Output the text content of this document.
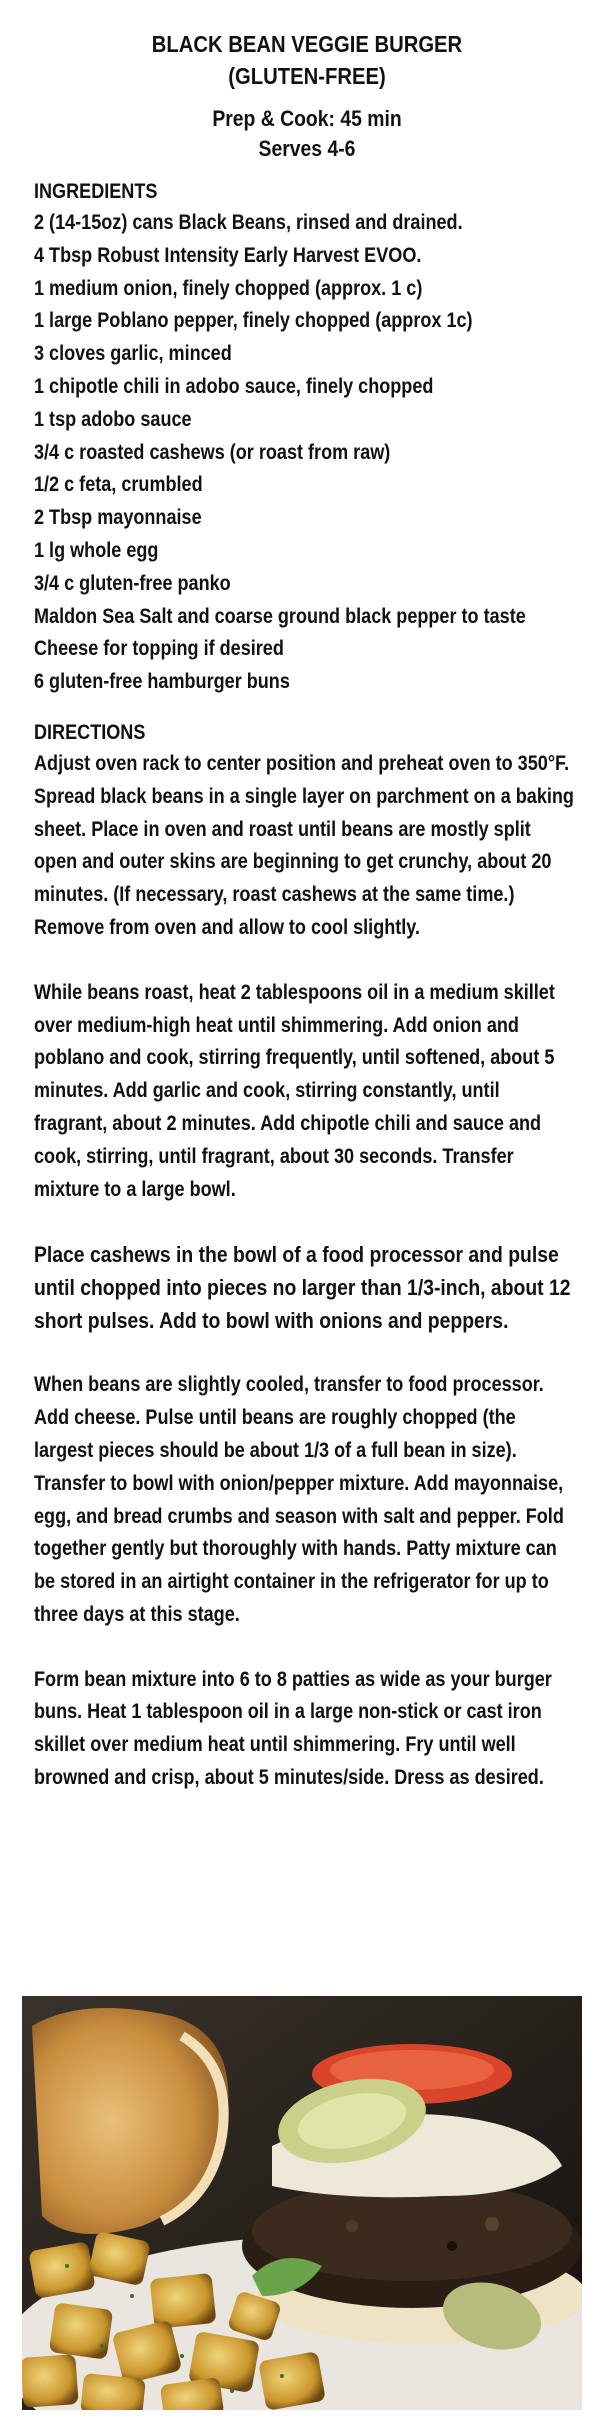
BLACK BEAN VEGGIE BURGER
(GLUTEN-FREE)
Prep & Cook: 45 min
Serves 4-6
INGREDIENTS
2 (14-15oz) cans Black Beans, rinsed and drained.
4 Tbsp Robust Intensity Early Harvest EVOO.
1 medium onion, finely chopped (approx. 1 c)
1 large Poblano pepper, finely chopped (approx 1c)
3 cloves garlic, minced
1 chipotle chili in adobo sauce, finely chopped
1 tsp adobo sauce
3/4 c roasted cashews (or roast from raw)
1/2 c feta, crumbled
2 Tbsp mayonnaise
1 lg whole egg
3/4 c gluten-free panko
Maldon Sea Salt and coarse ground black pepper to taste
Cheese for topping if desired
6 gluten-free hamburger buns
DIRECTIONS

Adjust oven rack to center position and preheat oven to 350°F. Spread black beans in a single layer on parchment on a baking sheet. Place in oven and roast until beans are mostly split open and outer skins are beginning to get crunchy, about 20 minutes. (If necessary, roast cashews at the same time.) Remove from oven and allow to cool slightly.

While beans roast, heat 2 tablespoons oil in a medium skillet over medium-high heat until shimmering. Add onion and poblano and cook, stirring frequently, until softened, about 5 minutes. Add garlic and cook, stirring constantly, until fragrant, about 2 minutes. Add chipotle chili and sauce and cook, stirring, until fragrant, about 30 seconds. Transfer mixture to a large bowl.

Place cashews in the bowl of a food processor and pulse until chopped into pieces no larger than 1/3-inch, about 12 short pulses. Add to bowl with onions and peppers.

When beans are slightly cooled, transfer to food processor. Add cheese. Pulse until beans are roughly chopped (the largest pieces should be about 1/3 of a full bean in size). Transfer to bowl with onion/pepper mixture. Add mayonnaise, egg, and bread crumbs and season with salt and pepper. Fold together gently but thoroughly with hands. Patty mixture can be stored in an airtight container in the refrigerator for up to three days at this stage.

Form bean mixture into 6 to 8 patties as wide as your burger buns. Heat 1 tablespoon oil in a large non-stick or cast iron skillet over medium heat until shimmering. Fry until well browned and crisp, about 5 minutes/side. Dress as desired.
